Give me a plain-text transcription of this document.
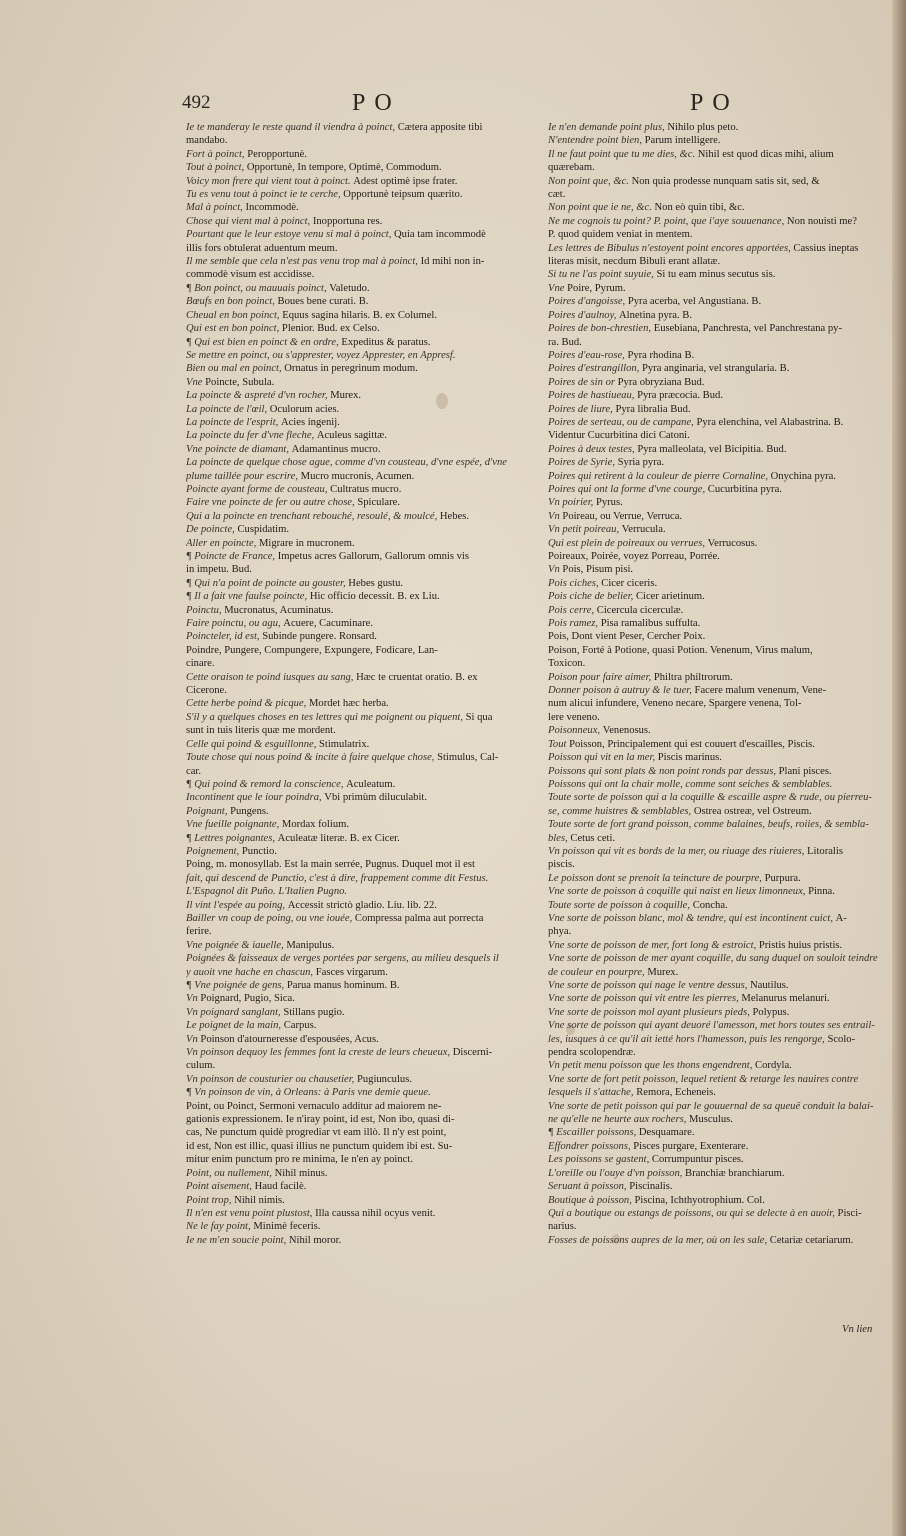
492	PO	PO

Ie te manderay le reste quand il viendra à poinct, Cætera apposite tibi

mandabo.

Fort à poinct, Peropportunè.

Tout à poinct, Opportunè, In tempore, Optimè, Commodum.

Voicy mon frere qui vient tout à poinct. Adest optimè ipse frater.

Tu es venu tout à poinct ie te cerche, Opportunè teipsum quærito.

Mal à poinct, Incommodè.

Chose qui vient mal à poinct, Inopportuna res.

Pourtant que le leur estoye venu si mal à poinct, Quia tam incommodè

illis fors obtulerat aduentum meum.

Il me semble que cela n'est pas venu trop mal à poinct, Id mihi non in-

commodè visum est accidisse.

¶ Bon poinct, ou mauuais poinct, Valetudo.

Bœufs en bon poinct, Boues bene curati. B.

Cheual en bon poinct, Equus sagina hilaris. B. ex Columel.

Qui est en bon poinct, Plenior. Bud. ex Celso.

¶ Qui est bien en poinct & en ordre, Expeditus & paratus.

Se mettre en poinct, ou s'apprester, voyez Apprester, en Appresf.

Bien ou mal en poinct, Ornatus in peregrinum modum.

Vne Poincte, Subula.

La poincte & aspreté d'vn rocher, Murex.

La poincte de l'œil, Oculorum acies.

La poincte de l'esprit, Acies ingenij.

La poincte du fer d'vne fleche, Aculeus sagittæ.

Vne poincte de diamant, Adamantinus mucro.

La poincte de quelque chose ague, comme d'vn cousteau, d'vne espée, d'vne

plume taillée pour escrire, Mucro mucronis, Acumen.

Poincte ayant forme de cousteau, Cultratus mucro.

Faire vne poincte de fer ou autre chose, Spiculare.

Qui a la poincte en trenchant rebouché, resoulé, & moulcé, Hebes.

De poincte, Cuspidatim.

Aller en poincte, Migrare in mucronem.

¶ Poincte de France, Impetus acres Gallorum, Gallorum omnis vis

in impetu. Bud.

¶ Qui n'a point de poincte au gouster, Hebes gustu.

¶ Il a fait vne faulse poincte, Hic officio decessit. B. ex Liu.

Poinctu, Mucronatus, Acuminatus.

Faire poinctu, ou agu, Acuere, Cacuminare.

Poincteler, id est, Subinde pungere. Ronsard.

Poindre, Pungere, Compungere, Expungere, Fodicare, Lan-

cinare.

Cette oraison te poind iusques au sang, Hæc te cruentat oratio. B. ex

Cicerone.

Cette herbe poind & picque, Mordet hæc herba.

S'il y a quelques choses en tes lettres qui me poignent ou piquent, Si qua

sunt in tuis literis quæ me mordent.

Celle qui poind & esguillonne, Stimulatrix.

Toute chose qui nous poind & incite à faire quelque chose, Stimulus, Cal-

car.

¶ Qui poind & remord la conscience, Aculeatum.

Incontinent que le iour poindra, Vbi primùm diluculabit.

Poignant, Pungens.

Vne fueille poignante, Mordax folium.

¶ Lettres poignantes, Aculeatæ literæ. B. ex Cicer.

Poignement, Punctio.

Poing, m. monosyllab. Est la main serrée, Pugnus. Duquel mot il est

fait, qui descend de Punctio, c'est à dire, frappement comme dit Festus.

L'Espagnol dit Puño. L'Italien Pugno.

Il vint l'espée au poing, Accessit strictò gladio. Liu. lib. 22.

Bailler vn coup de poing, ou vne iouée, Compressa palma aut porrecta

ferire.

Vne poignée & iauelle, Manipulus.

Poignées & faisseaux de verges portées par sergens, au milieu desquels il

y auoit vne hache en chascun, Fasces virgarum.

¶ Vne poignée de gens, Parua manus hominum. B.

Vn Poignard, Pugio, Sica.

Vn poignard sanglant, Stillans pugio.

Le poignet de la main, Carpus.

Vn Poinson d'atourneresse d'espousées, Acus.

Vn poinson dequoy les femmes font la creste de leurs cheueux, Discerni-

culum.

Vn poinson de cousturier ou chausetier, Pugiunculus.

¶ Vn poinson de vin, à Orleans: à Paris vne demie queue.

Point, ou Poinct, Sermoni vernaculo additur ad maiorem ne-

gationis expressionem. Ie n'iray point, id est, Non ibo, quasi di-

cas, Ne punctum quidè progrediar vt eam illò. Il n'y est point,

id est, Non est illic, quasi illius ne punctum quidem ibi est. Su-

mitur enim punctum pro re minima, Ie n'en ay poinct.

Point, ou nullement, Nihil minus.

Point aisement, Haud facilè.

Point trop, Nihil nimis.

Il n'en est venu point plustost, Illa caussa nihil ocyus venit.

Ne le fay point, Minimè feceris.

Ie ne m'en soucie point, Nihil moror.

Ie n'en demande point plus, Nihilo plus peto.

N'entendre point bien, Parum intelligere.

Il ne faut point que tu me dies, &c. Nihil est quod dicas mihi, alium

quærebam.

Non point que, &c. Non quia prodesse nunquam satis sit, sed, &

cæt.

Non point que ie ne, &c. Non eò quin tibi, &c.

Ne me cognois tu point? P. point, que i'aye souuenance, Non nouisti me?

P. quod quidem veniat in mentem.

Les lettres de Bibulus n'estoyent point encores apportées, Cassius ineptas

literas misit, necdum Bibuli erant allatæ.

Si tu ne l'as point suyuie, Si tu eam minus secutus sis.

Vne Poire, Pyrum.

Poires d'angoisse, Pyra acerba, vel Angustiana. B.

Poires d'aulnoy, Alnetina pyra. B.

Poires de bon-chrestien, Eusebiana, Panchresta, vel Panchrestana py-

ra. Bud.

Poires d'eau-rose, Pyra rhodina B.

Poires d'estrangillon, Pyra anginaria, vel strangularia. B.

Poires de sin or Pyra obryziana Bud.

Poires de hastiueau, Pyra præcocia. Bud.

Poires de liure, Pyra libralia Bud.

Poires de serteau, ou de campane, Pyra elenchina, vel Alabastrina. B.

Videntur Cucurbitina dici Catoni.

Poires à deux testes, Pyra malleolata, vel Bicipitia. Bud.

Poires de Syrie, Syria pyra.

Poires qui retirent à la couleur de pierre Cornaline, Onychina pyra.

Poires qui ont la forme d'vne courge, Cucurbitina pyra.

Vn poirier, Pyrus.

Vn Poireau, ou Verrue, Verruca.

Vn petit poireau, Verrucula.

Qui est plein de poireaux ou verrues, Verrucosus.

Poireaux, Poirée, voyez Porreau, Porrée.

Vn Pois, Pisum pisi.

Pois ciches, Cicer ciceris.

Pois ciche de belier, Cicer arietinum.

Pois cerre, Cicercula cicerculæ.

Pois ramez, Pisa ramalibus suffulta.

Pois, Dont vient Peser, Cercher Poix.

Poison, Forté à Potione, quasi Potion. Venenum, Virus malum,

Toxicon.

Poison pour faire aimer, Philtra philtrorum.

Donner poison à autruy & le tuer, Facere malum venenum, Vene-

num alicui infundere, Veneno necare, Spargere venena, Tol-

lere veneno.

Poisonneux, Venenosus.

Tout Poisson, Principalement qui est couuert d'escailles, Piscis.

Poisson qui vit en la mer, Piscis marinus.

Poissons qui sont plats & non point ronds par dessus, Plani pisces.

Poissons qui ont la chair molle, comme sont seiches & semblables.

Toute sorte de poisson qui a la coquille & escaille aspre & rude, ou pierreu-

se, comme huistres & semblables, Ostrea ostreæ, vel Ostreum.

Toute sorte de fort grand poisson, comme balaines, beufs, roiies, & sembla-

bles, Cetus ceti.

Vn poisson qui vit es bords de la mer, ou riuage des riuieres, Litoralis

piscis.

Le poisson dont se prenoit la teincture de pourpre, Purpura.

Vne sorte de poisson à coquille qui naist en lieux limonneux, Pinna.

Toute sorte de poisson à coquille, Concha.

Vne sorte de poisson blanc, mol & tendre, qui est incontinent cuict, A-

phya.

Vne sorte de poisson de mer, fort long & estroict, Pristis huius pristis.

Vne sorte de poisson de mer ayant coquille, du sang duquel on souloit teindre

de couleur en pourpre, Murex.

Vne sorte de poisson qui nage le ventre dessus, Nautilus.

Vne sorte de poisson qui vit entre les pierres, Melanurus melanuri.

Vne sorte de poisson mol ayant plusieurs pieds, Polypus.

Vne sorte de poisson qui ayant deuoré l'amesson, met hors toutes ses entrail-

les, iusques à ce qu'il ait ietté hors l'hamesson, puis les rengorge, Scolo-

pendra scolopendræ.

Vn petit menu poisson que les thons engendrent, Cordyla.

Vne sorte de fort petit poisson, lequel retient & retarge les nauires contre

lesquels il s'attache, Remora, Echeneis.

Vne sorte de petit poisson qui par le gouuernal de sa queuë conduit la balai-

ne qu'elle ne heurte aux rochers, Musculus.

¶ Escailler poissons, Desquamare.

Effondrer poissons, Pisces purgare, Exenterare.

Les poissons se gastent, Corrumpuntur pisces.

L'oreille ou l'ouye d'vn poisson, Branchiæ branchiarum.

Seruant à poisson, Piscinalis.

Boutique à poisson, Piscina, Ichthyotrophium. Col.

Qui a boutique ou estangs de poissons, ou qui se delecte à en auoir, Pisci-

narius.

Fosses de poissons aupres de la mer, où on les sale, Cetariæ cetariarum.

Vn lien
